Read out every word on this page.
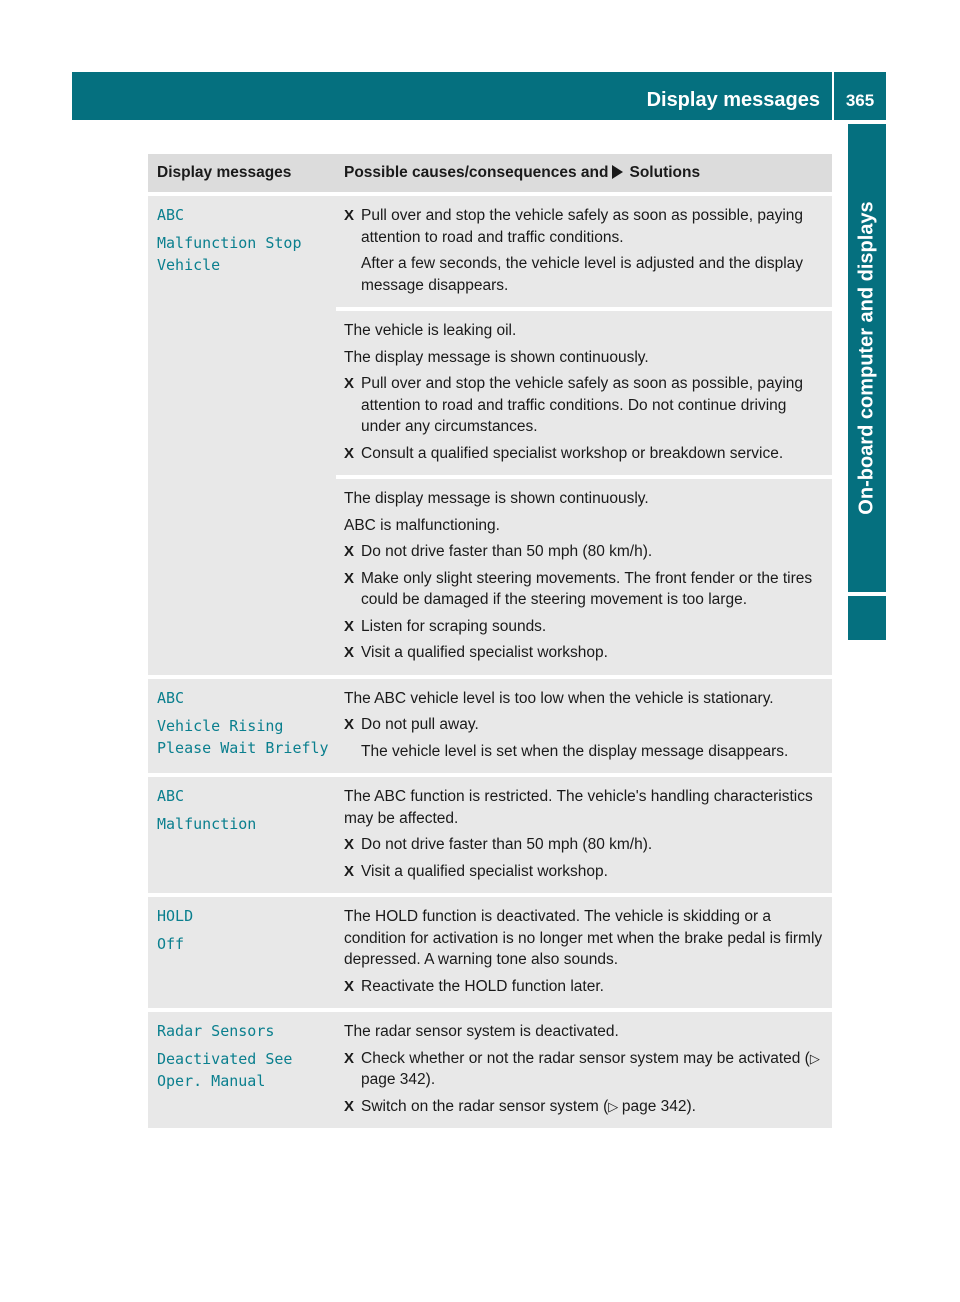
Display messages	365
On-board computer and displays
Display messages	Possible causes/consequences and Solutions
ABC
Malfunction Stop
Vehicle
X Pull over and stop the vehicle safely as soon as possible, paying attention to road and traffic conditions.
After a few seconds, the vehicle level is adjusted and the display message disappears.
The vehicle is leaking oil.
The display message is shown continuously.
X Pull over and stop the vehicle safely as soon as possible, paying attention to road and traffic conditions. Do not continue driving under any circumstances.
X Consult a qualified specialist workshop or breakdown service.
The display message is shown continuously.
ABC is malfunctioning.
X Do not drive faster than 50 mph (80 km/h).
X Make only slight steering movements. The front fender or the tires could be damaged if the steering movement is too large.
X Listen for scraping sounds.
X Visit a qualified specialist workshop.
ABC
Vehicle Rising
Please Wait Briefly
The ABC vehicle level is too low when the vehicle is stationary.
X Do not pull away.
The vehicle level is set when the display message disappears.
ABC
Malfunction
The ABC function is restricted. The vehicle's handling characteristics may be affected.
X Do not drive faster than 50 mph (80 km/h).
X Visit a qualified specialist workshop.
HOLD
Off
The HOLD function is deactivated. The vehicle is skidding or a condition for activation is no longer met when the brake pedal is firmly depressed. A warning tone also sounds.
X Reactivate the HOLD function later.
Radar Sensors
Deactivated See
Oper. Manual
The radar sensor system is deactivated.
X Check whether or not the radar sensor system may be activated (▷ page 342).
X Switch on the radar sensor system (▷ page 342).
